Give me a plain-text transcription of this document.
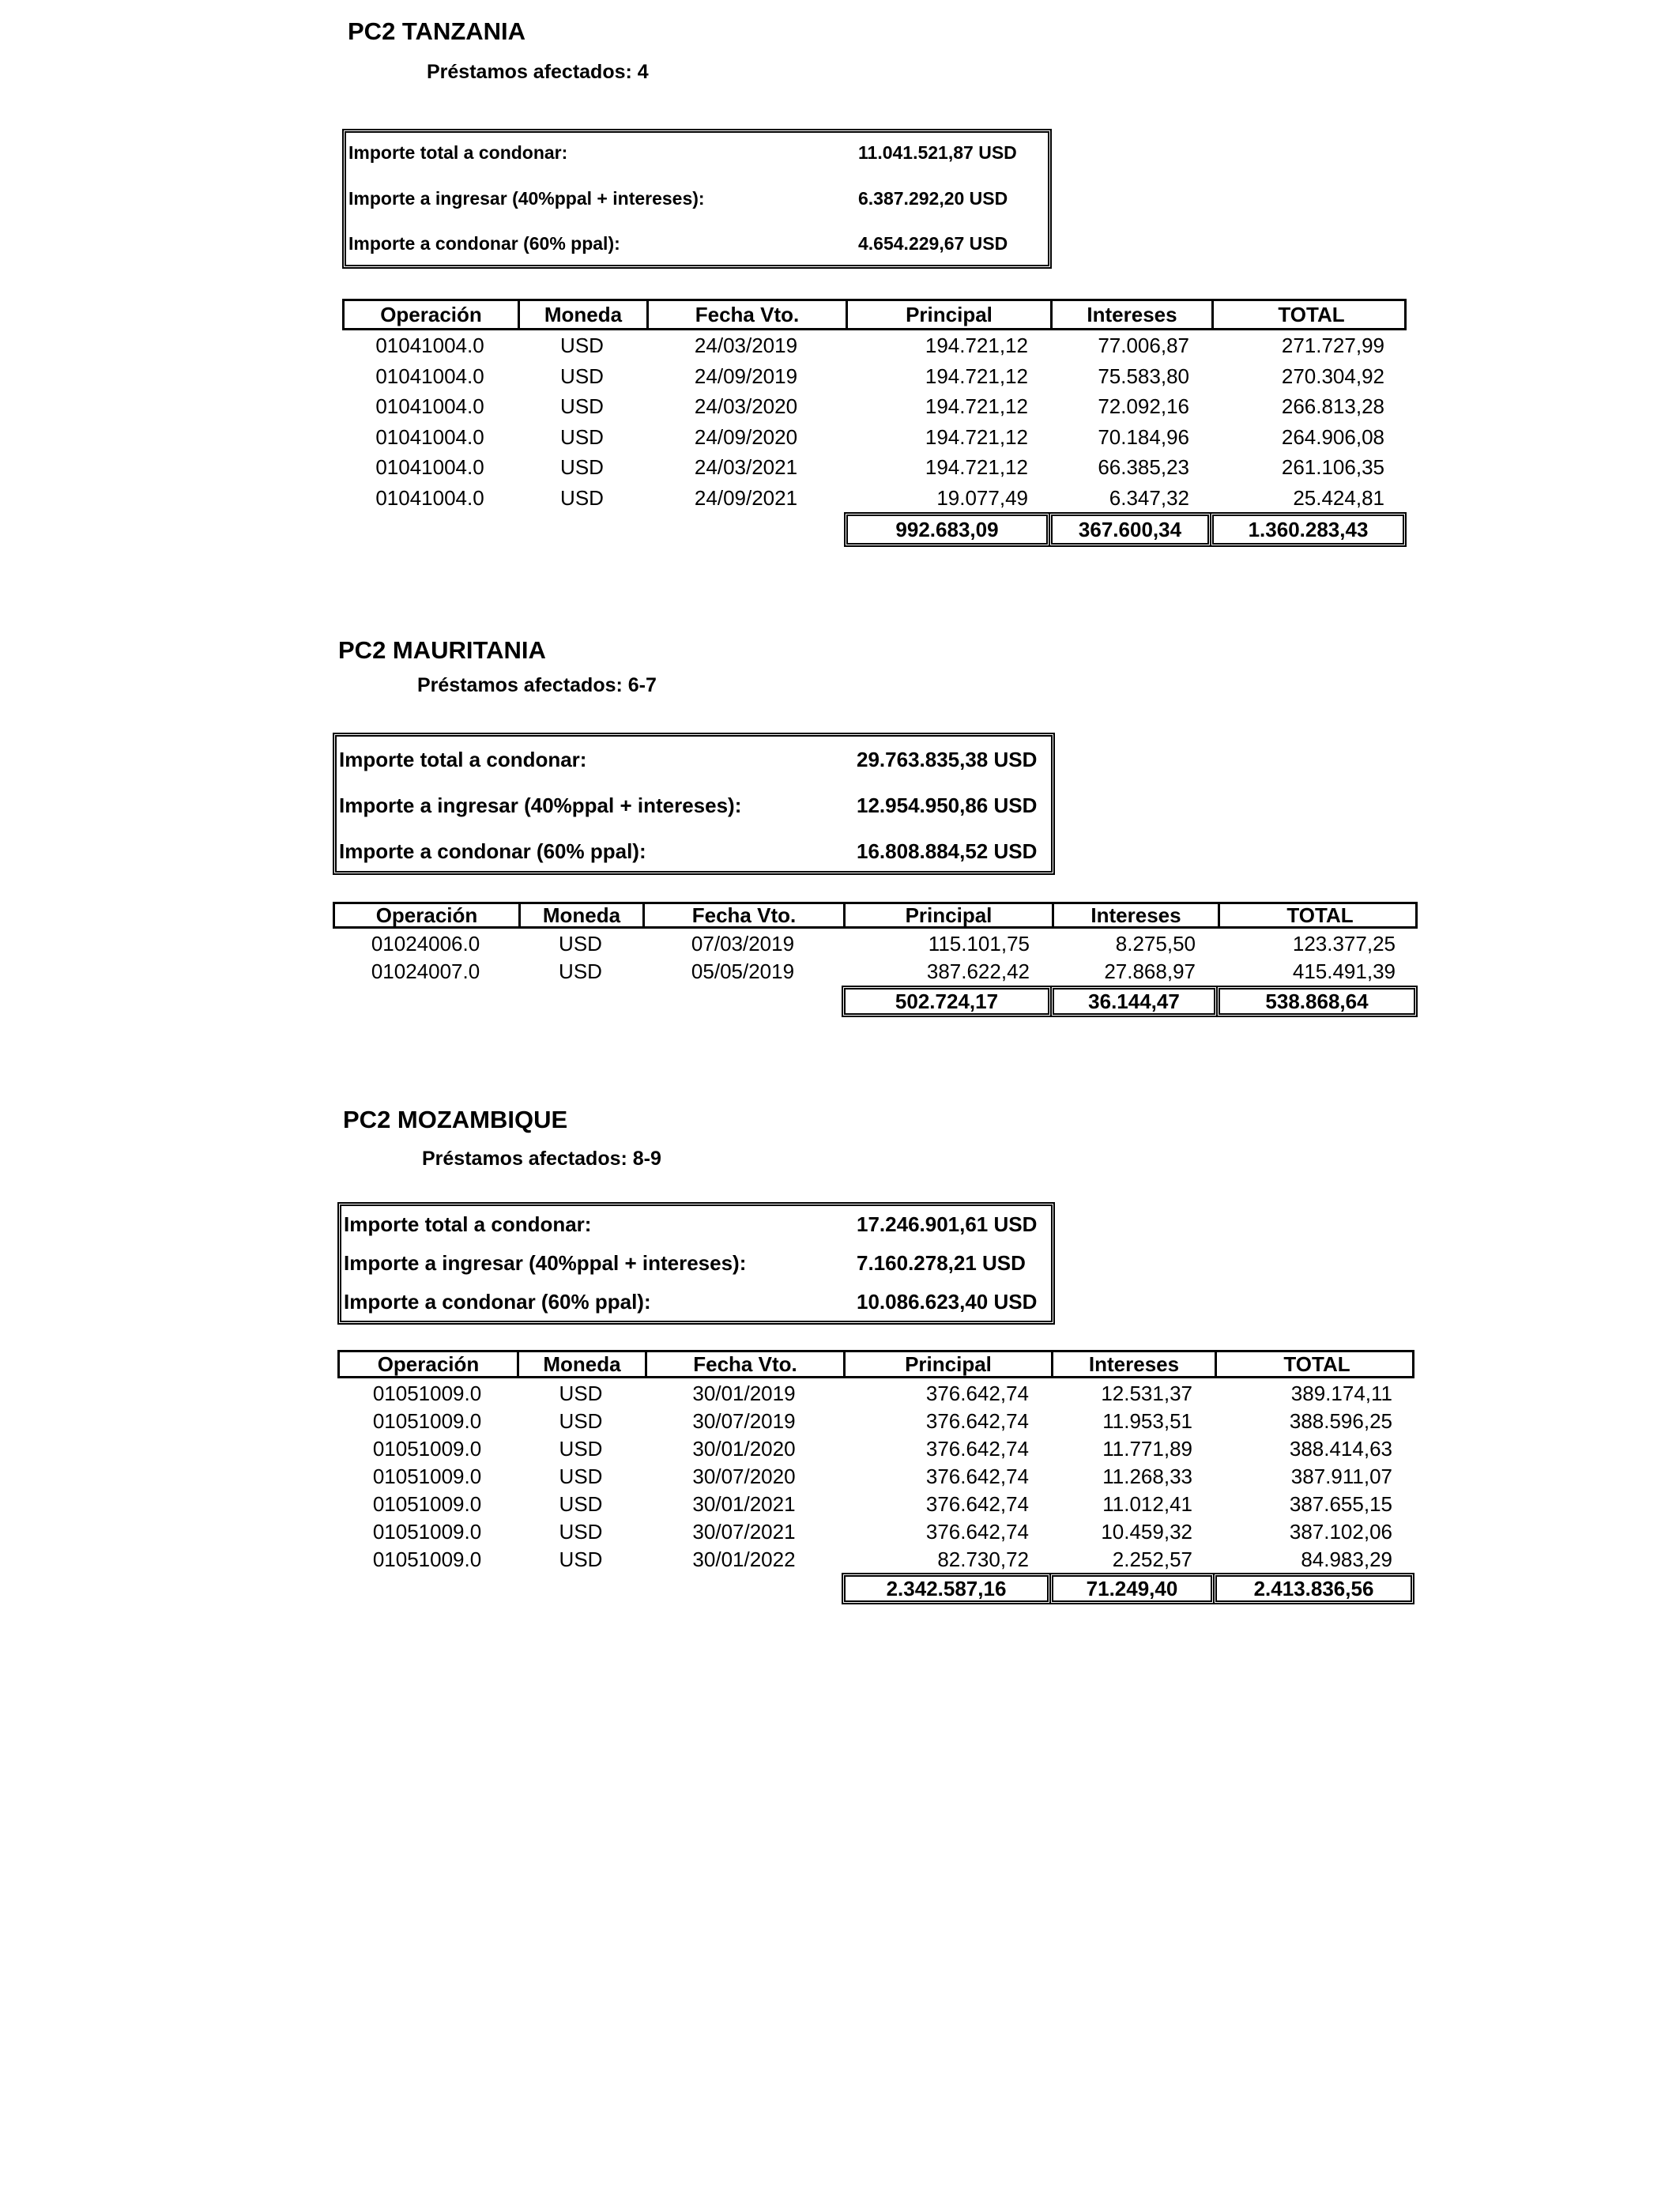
PC2 TANZANIA
Préstamos afectados: 4
Importe total a condonar:	11.041.521,87 USD
Importe a ingresar (40%ppal + intereses):	6.387.292,20 USD
Importe a condonar (60% ppal):	4.654.229,67 USD
Operación	Moneda	Fecha Vto.	Principal	Intereses	TOTAL
01041004.0	USD	24/03/2019	194.721,12	77.006,87	271.727,99
01041004.0	USD	24/09/2019	194.721,12	75.583,80	270.304,92
01041004.0	USD	24/03/2020	194.721,12	72.092,16	266.813,28
01041004.0	USD	24/09/2020	194.721,12	70.184,96	264.906,08
01041004.0	USD	24/03/2021	194.721,12	66.385,23	261.106,35
01041004.0	USD	24/09/2021	19.077,49	6.347,32	25.424,81
992.683,09	367.600,34	1.360.283,43
PC2 MAURITANIA
Préstamos afectados: 6-7
Importe total a condonar:	29.763.835,38 USD
Importe a ingresar (40%ppal + intereses):	12.954.950,86 USD
Importe a condonar (60% ppal):	16.808.884,52 USD
Operación	Moneda	Fecha Vto.	Principal	Intereses	TOTAL
01024006.0	USD	07/03/2019	115.101,75	8.275,50	123.377,25
01024007.0	USD	05/05/2019	387.622,42	27.868,97	415.491,39
502.724,17	36.144,47	538.868,64
PC2 MOZAMBIQUE
Préstamos afectados: 8-9
Importe total a condonar:	17.246.901,61 USD
Importe a ingresar (40%ppal + intereses):	7.160.278,21 USD
Importe a condonar (60% ppal):	10.086.623,40 USD
Operación	Moneda	Fecha Vto.	Principal	Intereses	TOTAL
01051009.0	USD	30/01/2019	376.642,74	12.531,37	389.174,11
01051009.0	USD	30/07/2019	376.642,74	11.953,51	388.596,25
01051009.0	USD	30/01/2020	376.642,74	11.771,89	388.414,63
01051009.0	USD	30/07/2020	376.642,74	11.268,33	387.911,07
01051009.0	USD	30/01/2021	376.642,74	11.012,41	387.655,15
01051009.0	USD	30/07/2021	376.642,74	10.459,32	387.102,06
01051009.0	USD	30/01/2022	82.730,72	2.252,57	84.983,29
2.342.587,16	71.249,40	2.413.836,56
